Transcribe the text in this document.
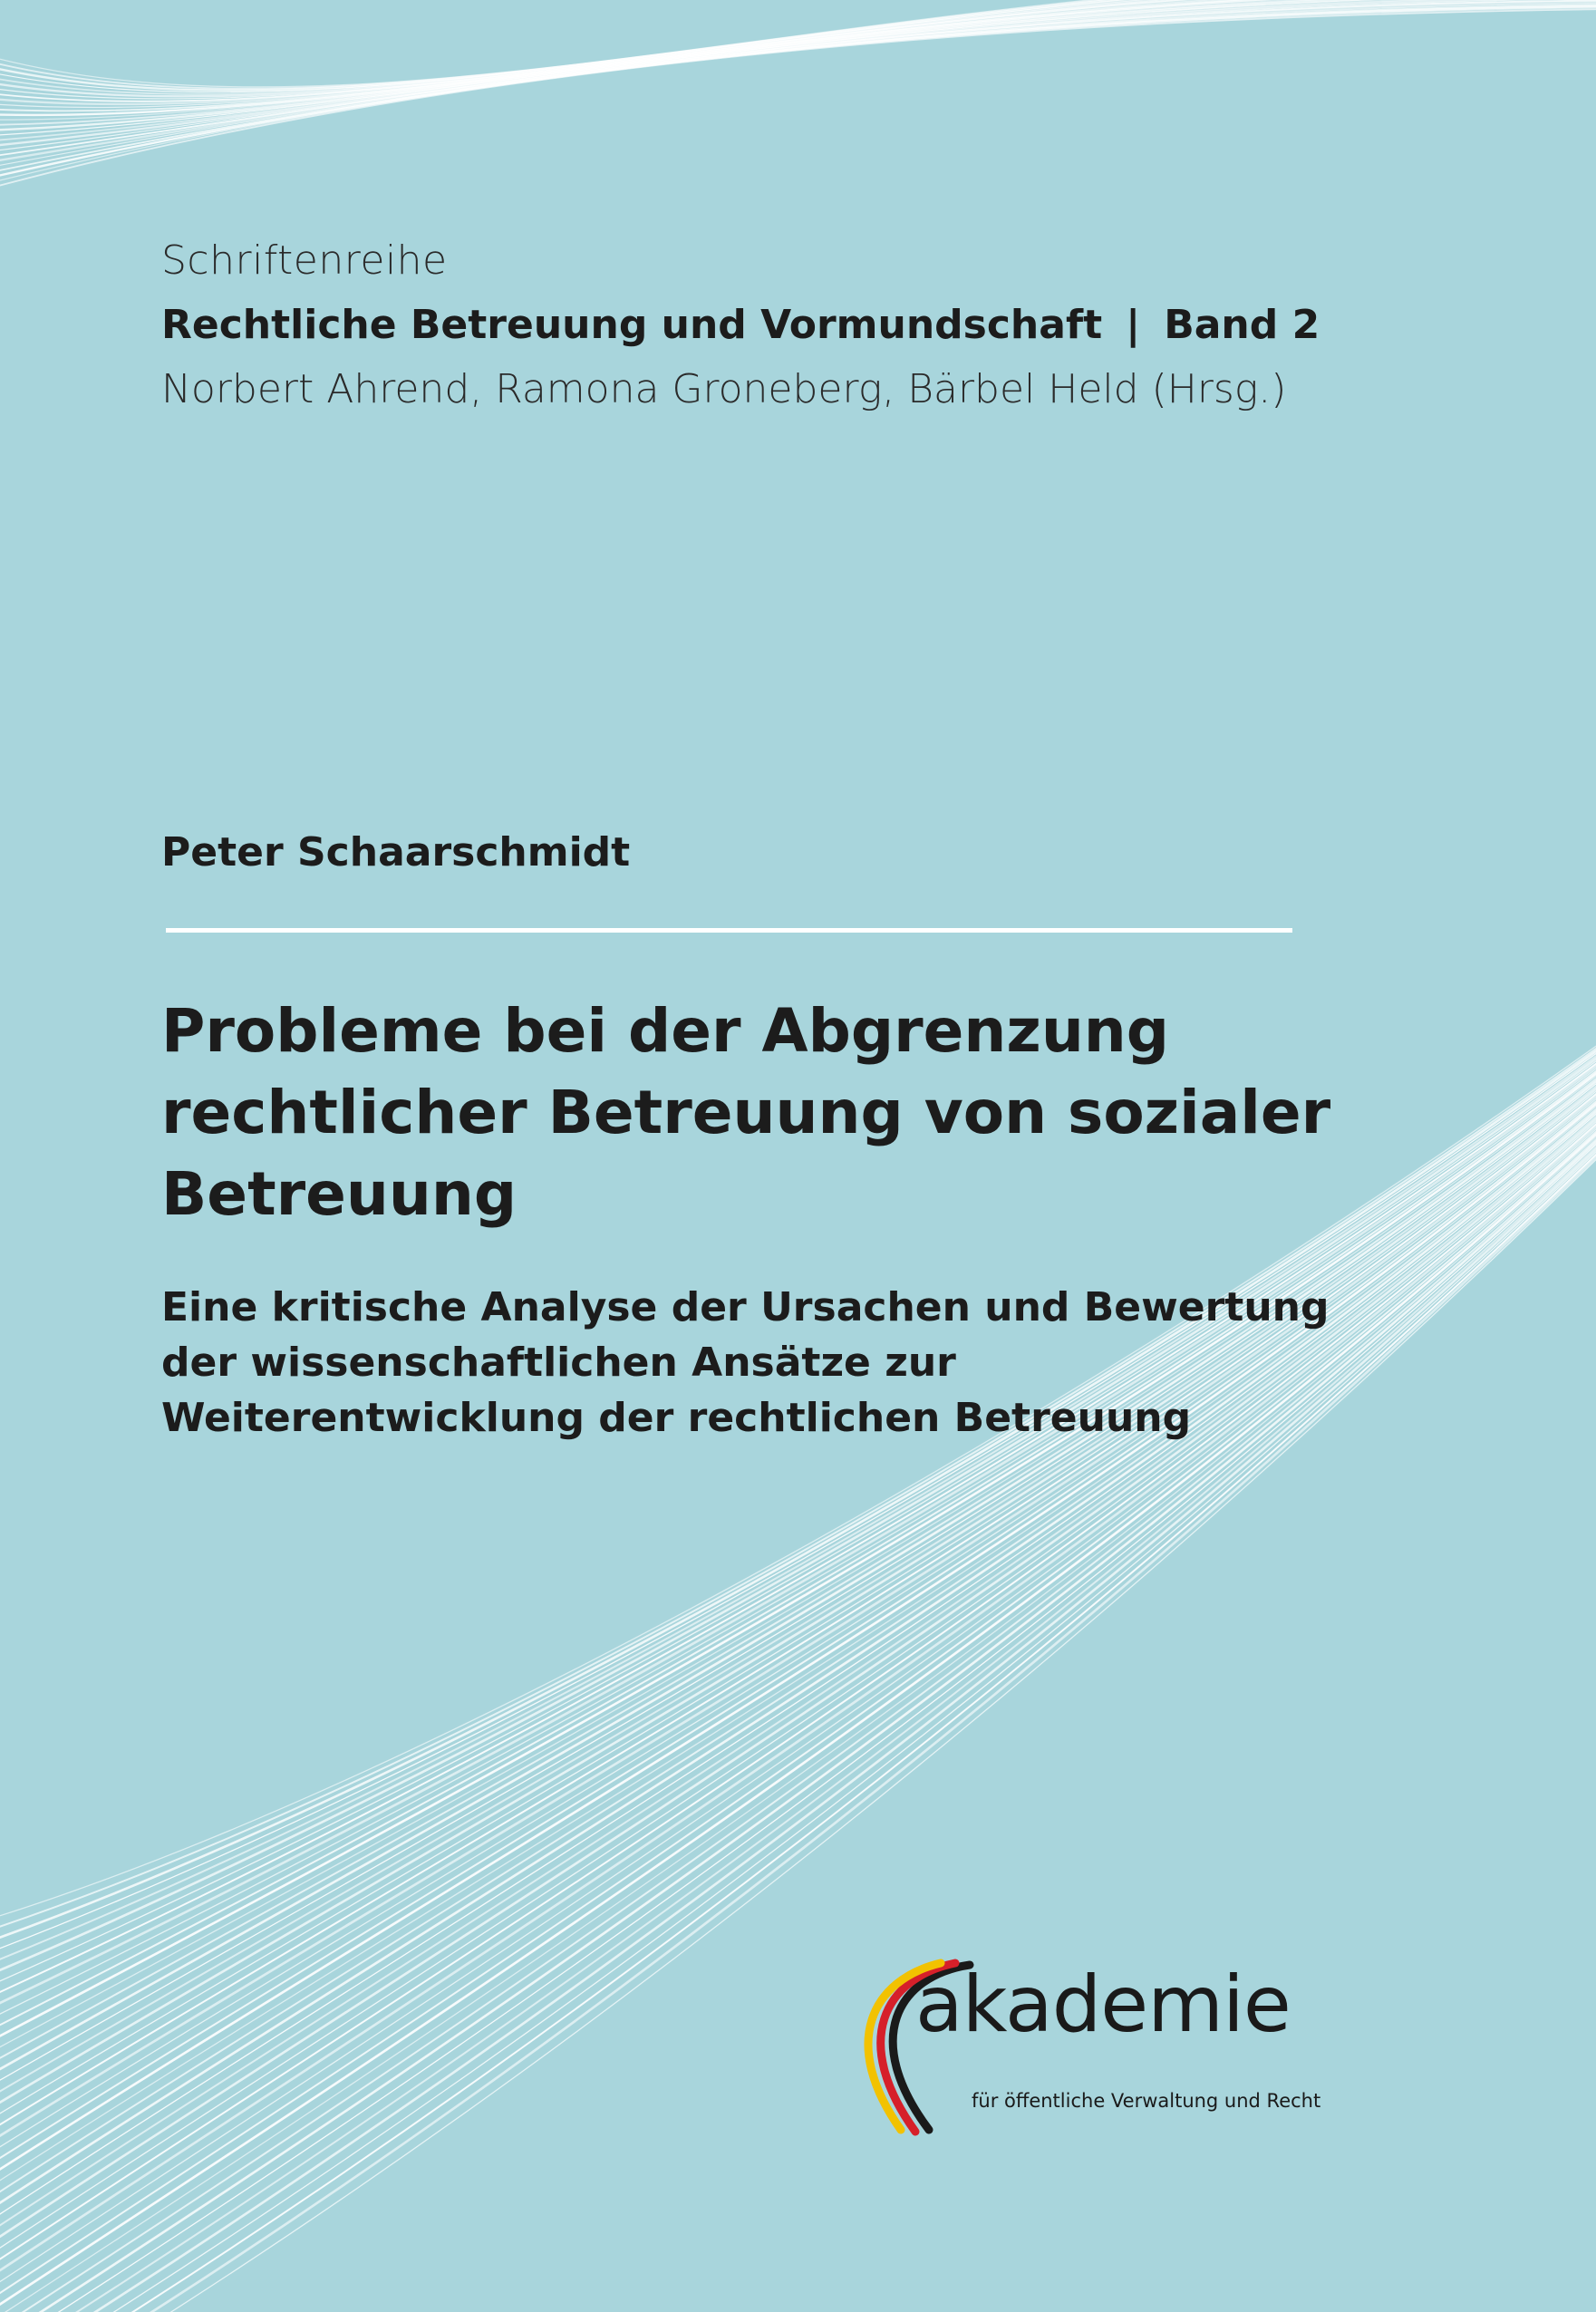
Schriftenreihe
Rechtliche Betreuung und Vormundschaft | Band 2
Norbert Ahrend, Ramona Groneberg, Bärbel Held (Hrsg.)
Peter Schaarschmidt
Probleme bei der Abgrenzung
rechtlicher Betreuung von sozialer
Betreuung
Eine kritische Analyse der Ursachen und Bewertung
der wissenschaftlichen Ansätze zur
Weiterentwicklung der rechtlichen Betreuung
akademie
für öffentliche Verwaltung und Recht
